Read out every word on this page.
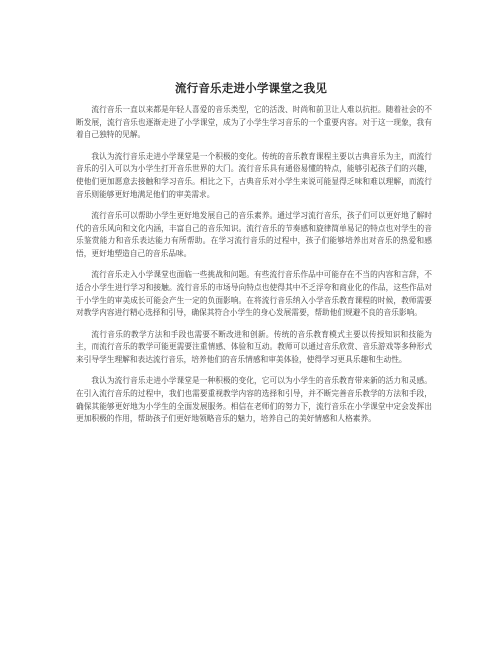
流行音乐走进小学课堂之我见

流行音乐一直以来都是年轻人喜爱的音乐类型，它的活泼、时尚和前卫让人难以抗拒。随着社会的不断发展，流行音乐也逐渐走进了小学课堂，成为了小学生学习音乐的一个重要内容。对于这一现象，我有着自己独特的见解。

我认为流行音乐走进小学课堂是一个积极的变化。传统的音乐教育课程主要以古典音乐为主，而流行音乐的引入可以为小学生打开音乐世界的大门。流行音乐具有通俗易懂的特点，能够引起孩子们的兴趣，使他们更加愿意去接触和学习音乐。相比之下，古典音乐对小学生来说可能显得乏味和难以理解，而流行音乐则能够更好地满足他们的审美需求。

流行音乐可以帮助小学生更好地发展自己的音乐素养。通过学习流行音乐，孩子们可以更好地了解时代的音乐风向和文化内涵，丰富自己的音乐知识。流行音乐的节奏感和旋律简单易记的特点也对学生的音乐鉴赏能力和音乐表达能力有所帮助。在学习流行音乐的过程中，孩子们能够培养出对音乐的热爱和感悟，更好地塑造自己的音乐品味。

流行音乐走入小学课堂也面临一些挑战和问题。有些流行音乐作品中可能存在不当的内容和言辞，不适合小学生进行学习和接触。流行音乐的市场导向特点也使得其中不乏浮夸和商业化的作品，这些作品对于小学生的审美成长可能会产生一定的负面影响。在将流行音乐纳入小学音乐教育课程的时候，教师需要对教学内容进行精心选择和引导，确保其符合小学生的身心发展需要，帮助他们规避不良的音乐影响。

流行音乐的教学方法和手段也需要不断改进和创新。传统的音乐教育模式主要以传授知识和技能为主，而流行音乐的教学可能更需要注重情感、体验和互动。教师可以通过音乐欣赏、音乐游戏等多种形式来引导学生理解和表达流行音乐，培养他们的音乐情感和审美体验，使得学习更具乐趣和生动性。

我认为流行音乐走进小学课堂是一种积极的变化，它可以为小学生的音乐教育带来新的活力和灵感。在引入流行音乐的过程中，我们也需要重视教学内容的选择和引导，并不断完善音乐教学的方法和手段，确保其能够更好地为小学生的全面发展服务。相信在老师们的努力下，流行音乐在小学课堂中定会发挥出更加积极的作用，帮助孩子们更好地领略音乐的魅力，培养自己的美好情感和人格素养。
